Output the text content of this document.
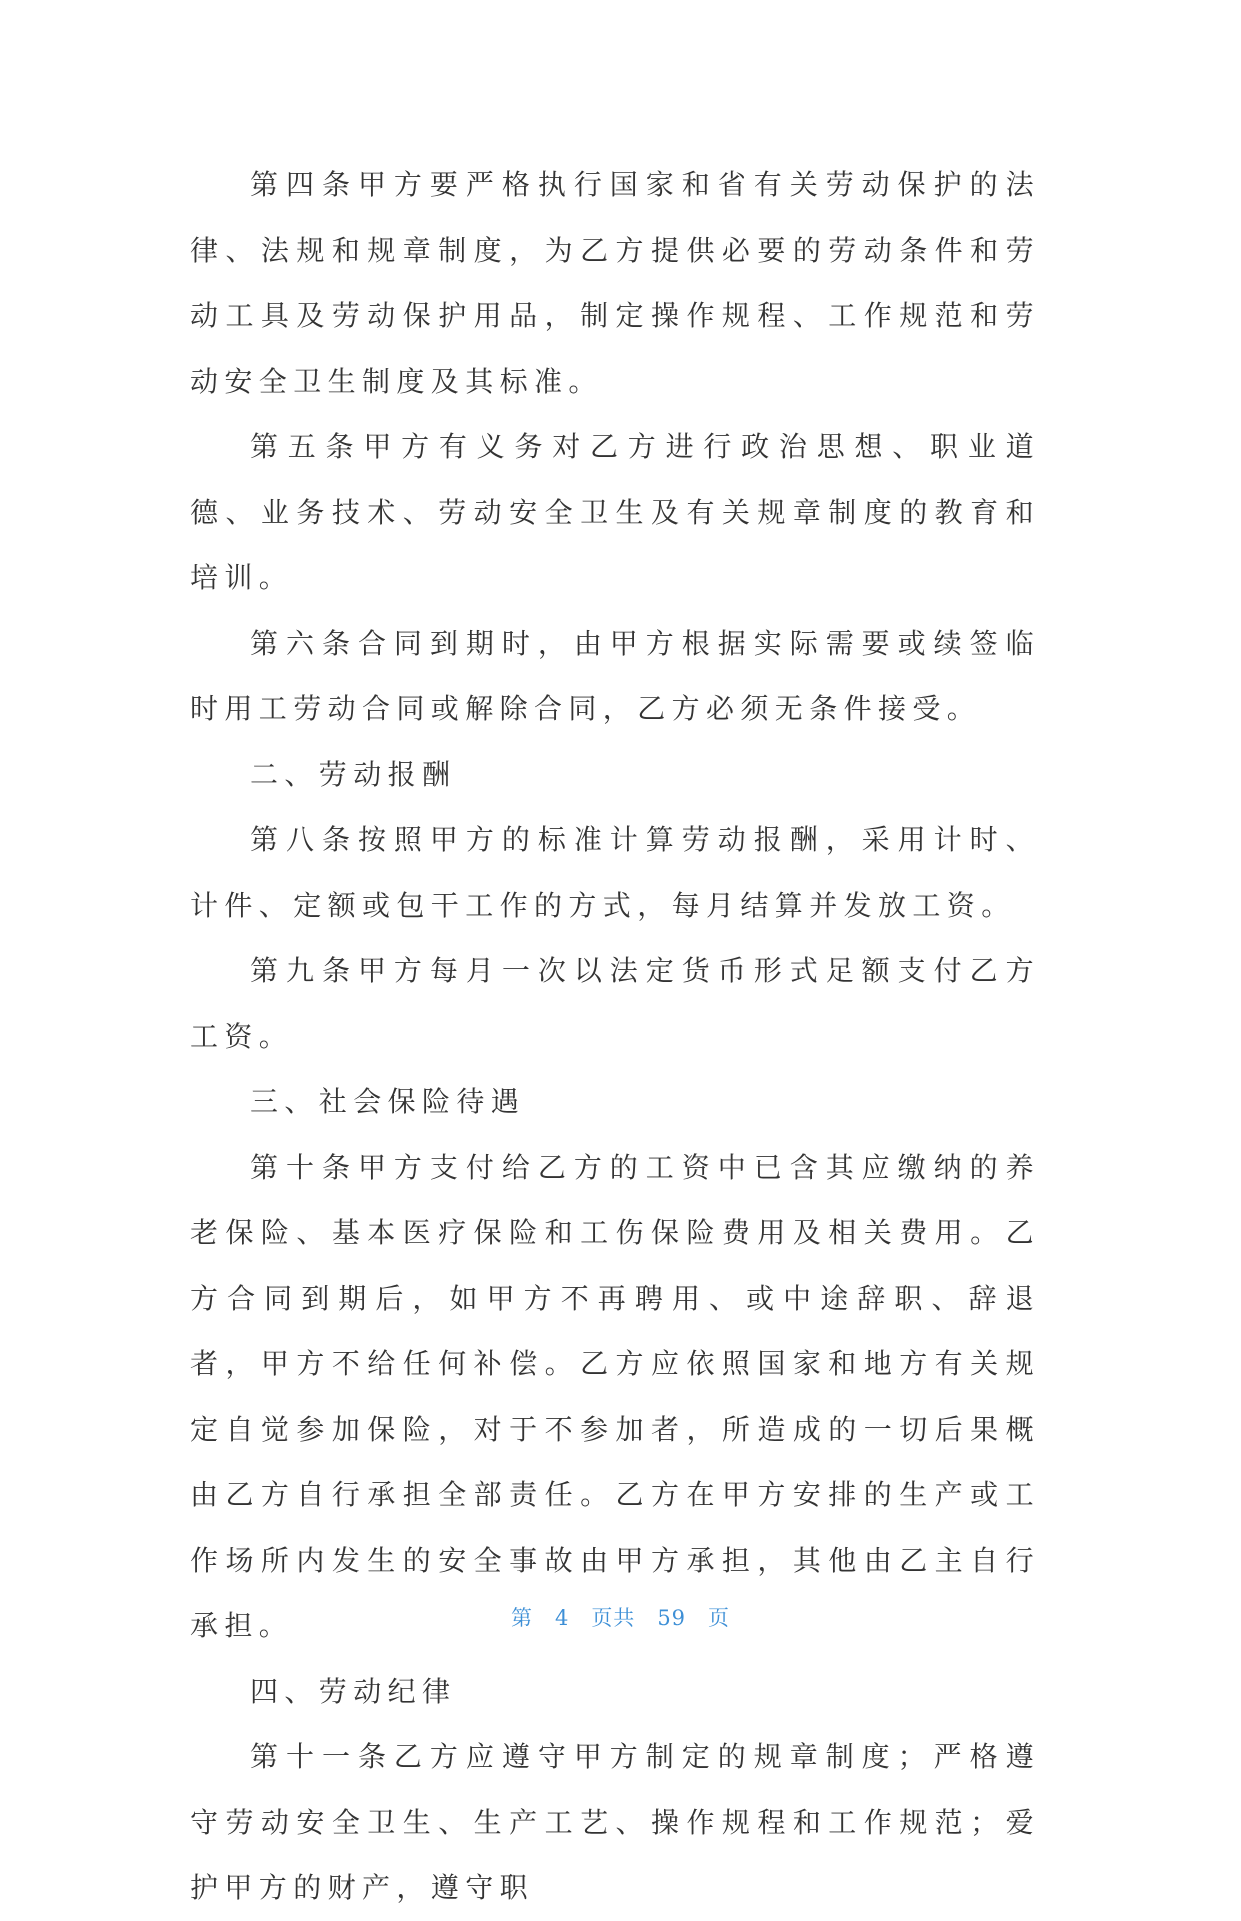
第四条甲方要严格执行国家和省有关劳动保护的法律、法规和规章制度，为乙方提供必要的劳动条件和劳动工具及劳动保护用品，制定操作规程、工作规范和劳动安全卫生制度及其标准。

第五条甲方有义务对乙方进行政治思想、职业道德、业务技术、劳动安全卫生及有关规章制度的教育和培训。

第六条合同到期时，由甲方根据实际需要或续签临时用工劳动合同或解除合同，乙方必须无条件接受。

二、劳动报酬

第八条按照甲方的标准计算劳动报酬，采用计时、计件、定额或包干工作的方式，每月结算并发放工资。

第九条甲方每月一次以法定货币形式足额支付乙方工资。

三、社会保险待遇

第十条甲方支付给乙方的工资中已含其应缴纳的养老保险、基本医疗保险和工伤保险费用及相关费用。乙方合同到期后，如甲方不再聘用、或中途辞职、辞退者，甲方不给任何补偿。乙方应依照国家和地方有关规定自觉参加保险，对于不参加者，所造成的一切后果概由乙方自行承担全部责任。乙方在甲方安排的生产或工作场所内发生的安全事故由甲方承担，其他由乙主自行承担。

四、劳动纪律

第十一条乙方应遵守甲方制定的规章制度；严格遵守劳动安全卫生、生产工艺、操作规程和工作规范；爱护甲方的财产，遵守职

第 4 页共 59 页
